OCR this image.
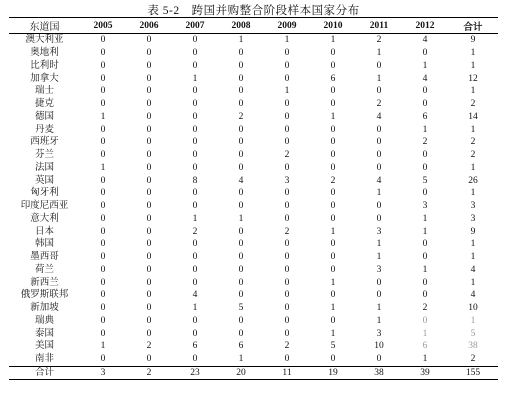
表 5-2 跨国并购整合阶段样本国家分布
东道国	2005	2006	2007	2008	2009	2010	2011	2012	合计
澳大利亚	0	0	0	1	1	1	2	4	9
奥地利	0	0	0	0	0	0	1	0	1
比利时	0	0	0	0	0	0	0	1	1
加拿大	0	0	1	0	0	6	1	4	12
瑞士	0	0	0	0	1	0	0	0	1
捷克	0	0	0	0	0	0	2	0	2
德国	1	0	0	2	0	1	4	6	14
丹麦	0	0	0	0	0	0	0	1	1
西班牙	0	0	0	0	0	0	0	2	2
芬兰	0	0	0	0	2	0	0	0	2
法国	1	0	0	0	0	0	0	0	1
英国	0	0	8	4	3	2	4	5	26
匈牙利	0	0	0	0	0	0	1	0	1
印度尼西亚	0	0	0	0	0	0	0	3	3
意大利	0	0	1	1	0	0	0	1	3
日本	0	0	2	0	2	1	3	1	9
韩国	0	0	0	0	0	0	1	0	1
墨西哥	0	0	0	0	0	0	1	0	1
荷兰	0	0	0	0	0	0	3	1	4
新西兰	0	0	0	0	0	1	0	0	1
俄罗斯联邦	0	0	4	0	0	0	0	0	4
新加坡	0	0	1	5	0	1	1	2	10
瑞典	0	0	0	0	0	0	1	0	1
泰国	0	0	0	0	0	1	3	1	5
美国	1	2	6	6	2	5	10	6	38
南非	0	0	0	1	0	0	0	1	2
合计	3	2	23	20	11	19	38	39	155
